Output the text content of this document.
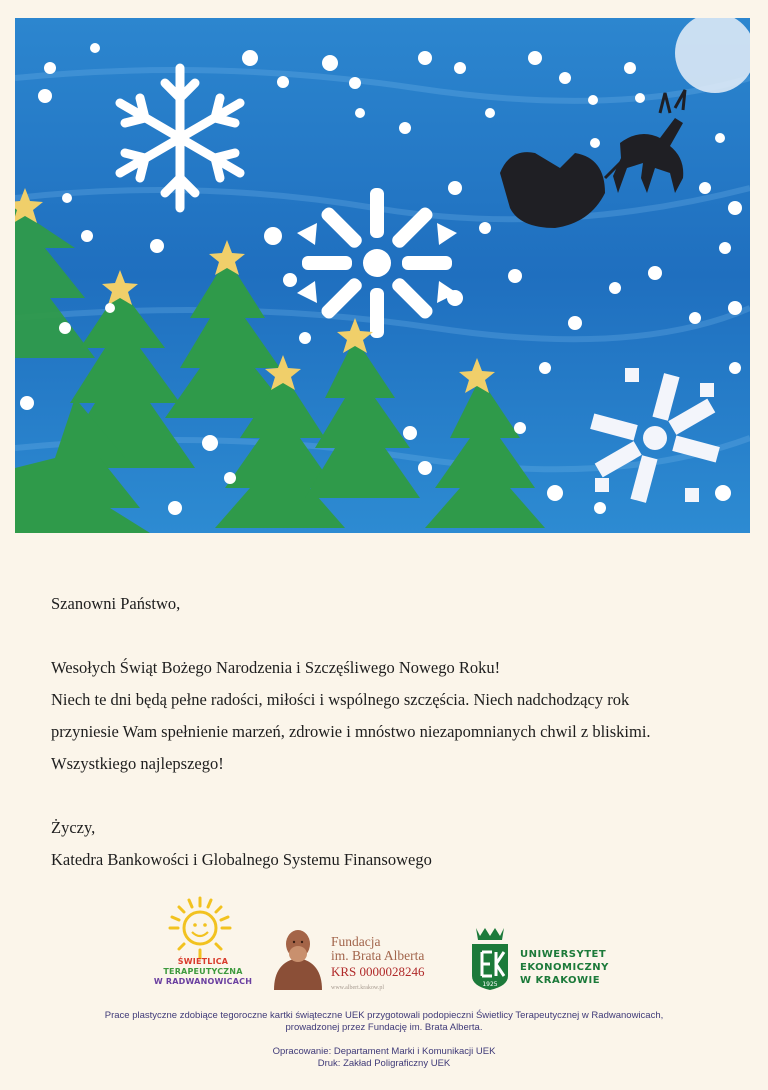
Szanowni Państwo,

Wesołych Świąt Bożego Narodzenia i Szczęśliwego Nowego Roku!

Niech te dni będą pełne radości, miłości i wspólnego szczęścia. Niech nadchodzący rok

przyniesie Wam spełnienie marzeń, zdrowie i mnóstwo niezapomnianych chwil z bliskimi.

Wszystkiego najlepszego!

Życzy,

Katedra Bankowości i Globalnego Systemu Finansowego

1925
ŚWIETLICA
TERAPEUTYCZNA
W RADWANOWICACH
Fundacja
im. Brata Alberta
KRS 0000028246
www.albert.krakow.pl
UNIWERSYTET
EKONOMICZNY
W KRAKOWIE
Prace plastyczne zdobiące tegoroczne kartki świąteczne UEK przygotowali podopieczni Świetlicy Terapeutycznej w Radwanowicach,
prowadzonej przez Fundację im. Brata Alberta.
Opracowanie: Departament Marki i Komunikacji UEK
Druk: Zakład Poligraficzny UEK
